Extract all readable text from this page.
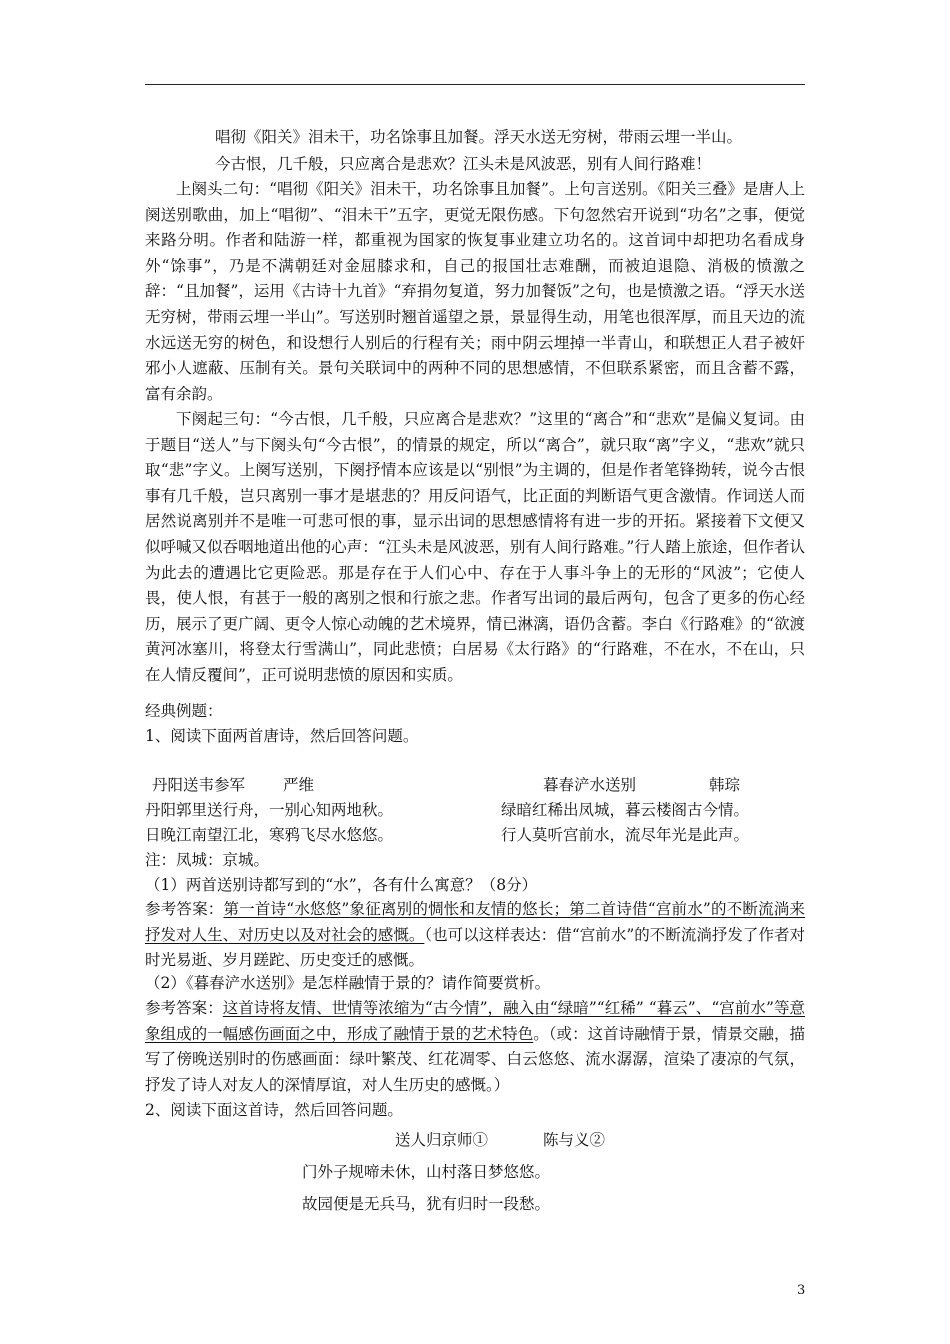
唱彻《阳关》泪未干，功名馀事且加餐。浮天水送无穷树，带雨云埋一半山。
今古恨，几千般，只应离合是悲欢？江头未是风波恶，别有人间行路难！

上阕头二句：“唱彻《阳关》泪未干，功名馀事且加餐”。上句言送别。《阳关三叠》是唐人上阕送别歌曲，加上“唱彻”、“泪未干”五字，更觉无限伤感。下句忽然宕开说到“功名”之事，便觉来路分明。作者和陆游一样，都重视为国家的恢复事业建立功名的。这首词中却把功名看成身外“馀事”，乃是不满朝廷对金屈膝求和，自己的报国壮志难酬，而被迫退隐、消极的愤激之辞：“且加餐”，运用《古诗十九首》“弃捐勿复道，努力加餐饭”之句，也是愤激之语。“浮天水送无穷树，带雨云埋一半山”。写送别时翘首遥望之景，景显得生动，用笔也很浑厚，而且天边的流水远送无穷的树色，和设想行人别后的行程有关；雨中阴云埋掉一半青山，和联想正人君子被奸邪小人遮蔽、压制有关。景句关联词中的两种不同的思想感情，不但联系紧密，而且含蓄不露，富有余韵。

下阕起三句：“今古恨，几千般，只应离合是悲欢？”这里的“离合”和“悲欢”是偏义复词。由于题目“送人”与下阕头句“今古恨”，的情景的规定，所以“离合”，就只取“离”字义，“悲欢”就只取“悲”字义。上阕写送别，下阕抒情本应该是以“别恨”为主调的，但是作者笔锋拗转，说今古恨事有几千般，岂只离别一事才是堪悲的？用反问语气，比正面的判断语气更含激情。作词送人而居然说离别并不是唯一可悲可恨的事，显示出词的思想感情将有进一步的开拓。紧接着下文便又似呼喊又似吞咽地道出他的心声：“江头未是风波恶，别有人间行路难。”行人踏上旅途，但作者认为此去的遭遇比它更险恶。那是存在于人们心中、存在于人事斗争上的无形的“风波”；它使人畏，使人恨，有甚于一般的离别之恨和行旅之悲。作者写出词的最后两句，包含了更多的伤心经历，展示了更广阔、更令人惊心动魄的艺术境界，情已淋漓，语仍含蓄。李白《行路难》的“欲渡黄河冰塞川，将登太行雪满山”，同此悲愤；白居易《太行路》的“行路难，不在水，不在山，只在人情反覆间”，正可说明悲愤的原因和实质。

经典例题：
1、阅读下面两首唐诗，然后回答问题。
丹阳送韦参军 严维
丹阳郭里送行舟，一别心知两地秋。
日晚江南望江北，寒鸦飞尽水悠悠。
暮春浐水送别	韩琮
绿暗红稀出凤城，暮云楼阁古今情。
行人莫听宫前水，流尽年光是此声。
注：凤城：京城。
（1）两首送别诗都写到的“水”，各有什么寓意？（8分）

参考答案：第一首诗“水悠悠”象征离别的惆怅和友情的悠长；第二首诗借“宫前水”的不断流淌来抒发对人生、对历史以及对社会的感慨。（也可以这样表达：借“宫前水”的不断流淌抒发了作者对时光易逝、岁月蹉跎、历史变迁的感慨。

（2）《暮春浐水送别》是怎样融情于景的？请作简要赏析。

参考答案：这首诗将友情、世情等浓缩为“古今情”，融入由“绿暗”“红稀” “暮云”、“宫前水”等意象组成的一幅感伤画面之中，形成了融情于景的艺术特色。（或：这首诗融情于景，情景交融，描写了傍晚送别时的伤感画面：绿叶繁茂、红花凋零、白云悠悠、流水潺潺，渲染了凄凉的气氛，抒发了诗人对友人的深情厚谊，对人生历史的感慨。）

2、阅读下面这首诗，然后回答问题。
送人归京师①	陈与义②
门外子规啼未休，山村落日梦悠悠。
故园便是无兵马，犹有归时一段愁。
3
